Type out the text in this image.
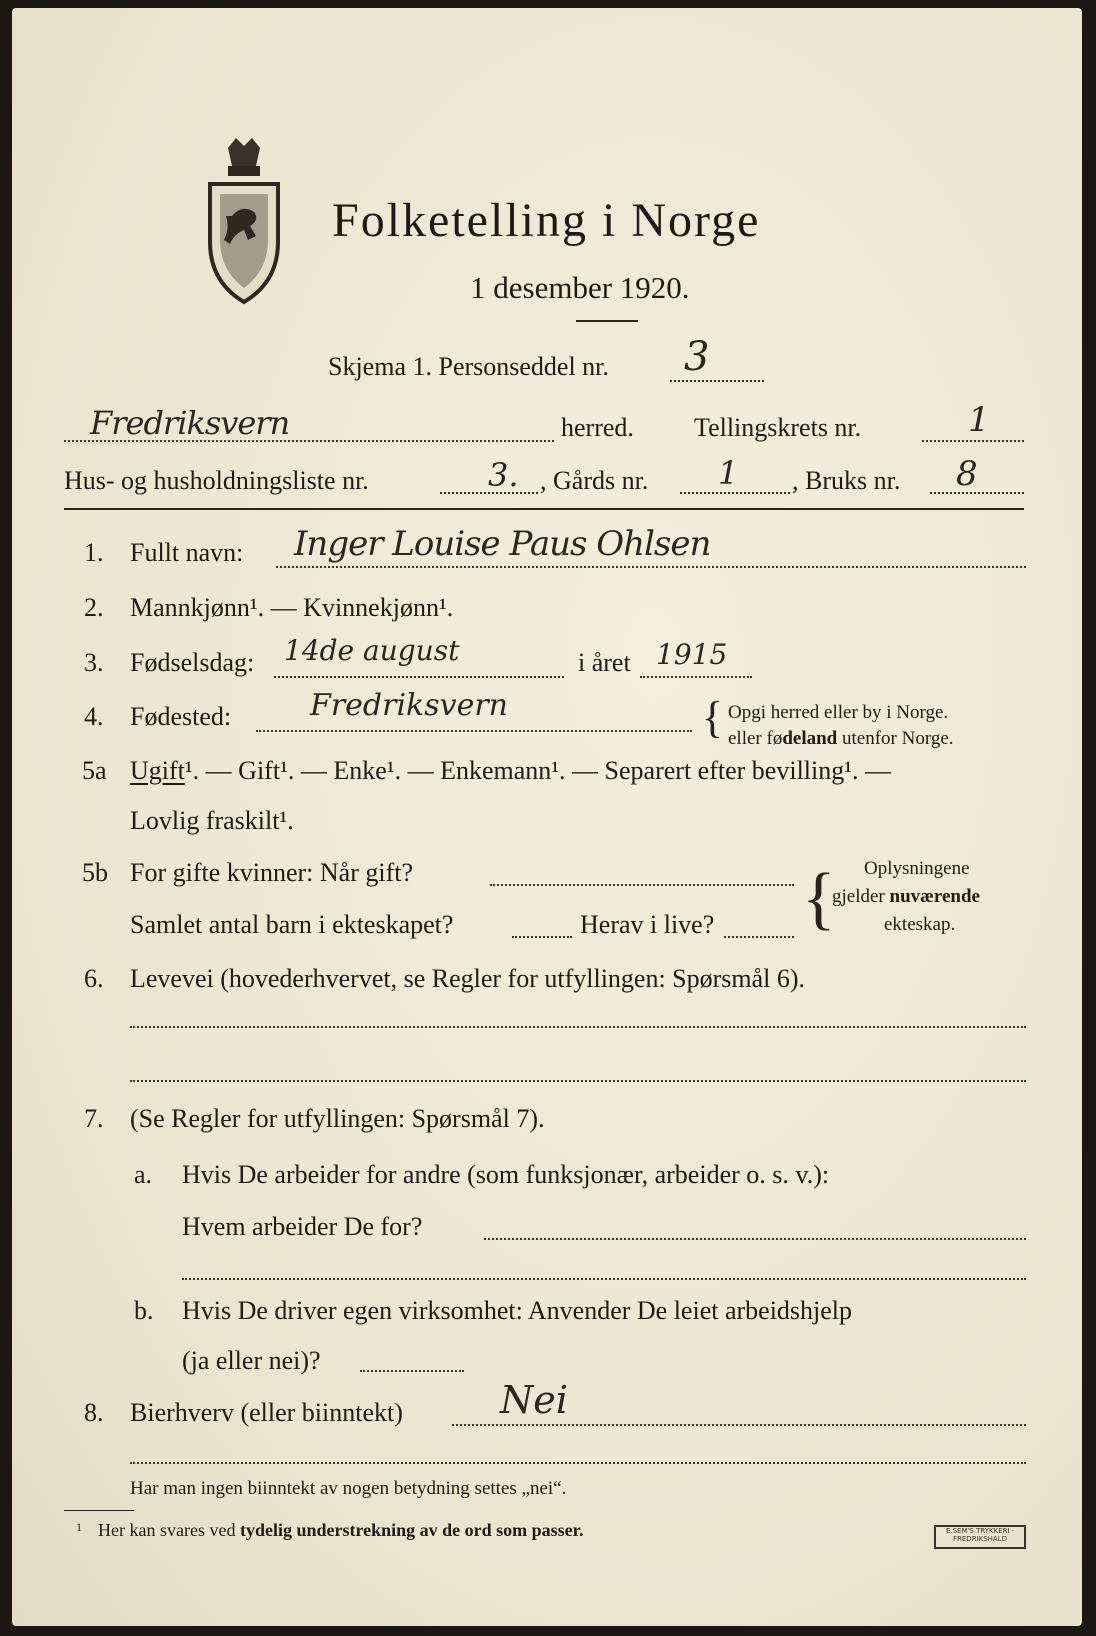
Folketelling i Norge
1 desember 1920.
Skjema 1. Personseddel nr. 3
Fredriksvern	herred. Tellingskrets nr.	1
Hus- og husholdningsliste nr.	3. , Gårds nr. 1 , Bruks nr. 8
1. Fullt navn: Inger Louise Paus Ohlsen
2. Mannkjønn¹. — Kvinnekjønn¹.
3. Fødselsdag: 14de august	i året 1915
4. Fødested:	Fredriksvern	{ Opgi herred eller by i Norge.
eller fødeland utenfor Norge.
5a Ugift¹. — Gift¹. — Enke¹. — Enkemann¹. — Separert efter bevilling¹. —
Lovlig fraskilt¹.
5b For gifte kvinner: Når gift?
Samlet antal barn i ekteskapet?	Herav i live? { Oplysningene
gjelder nuværende
ekteskap.
6. Levevei (hovederhvervet, se Regler for utfyllingen: Spørsmål 6).
7. (Se Regler for utfyllingen: Spørsmål 7).
a. Hvis De arbeider for andre (som funksjonær, arbeider o. s. v.):
Hvem arbeider De for?
b. Hvis De driver egen virksomhet: Anvender De leiet arbeidshjelp
(ja eller nei)?
8. Bierhverv (eller biinntekt)	Nei
Har man ingen biinntekt av nogen betydning settes „nei“.
1 Her kan svares ved tydelig understrekning av de ord som passer.	E.SEM'S TRYKKERI · FREDRIKSHALD
